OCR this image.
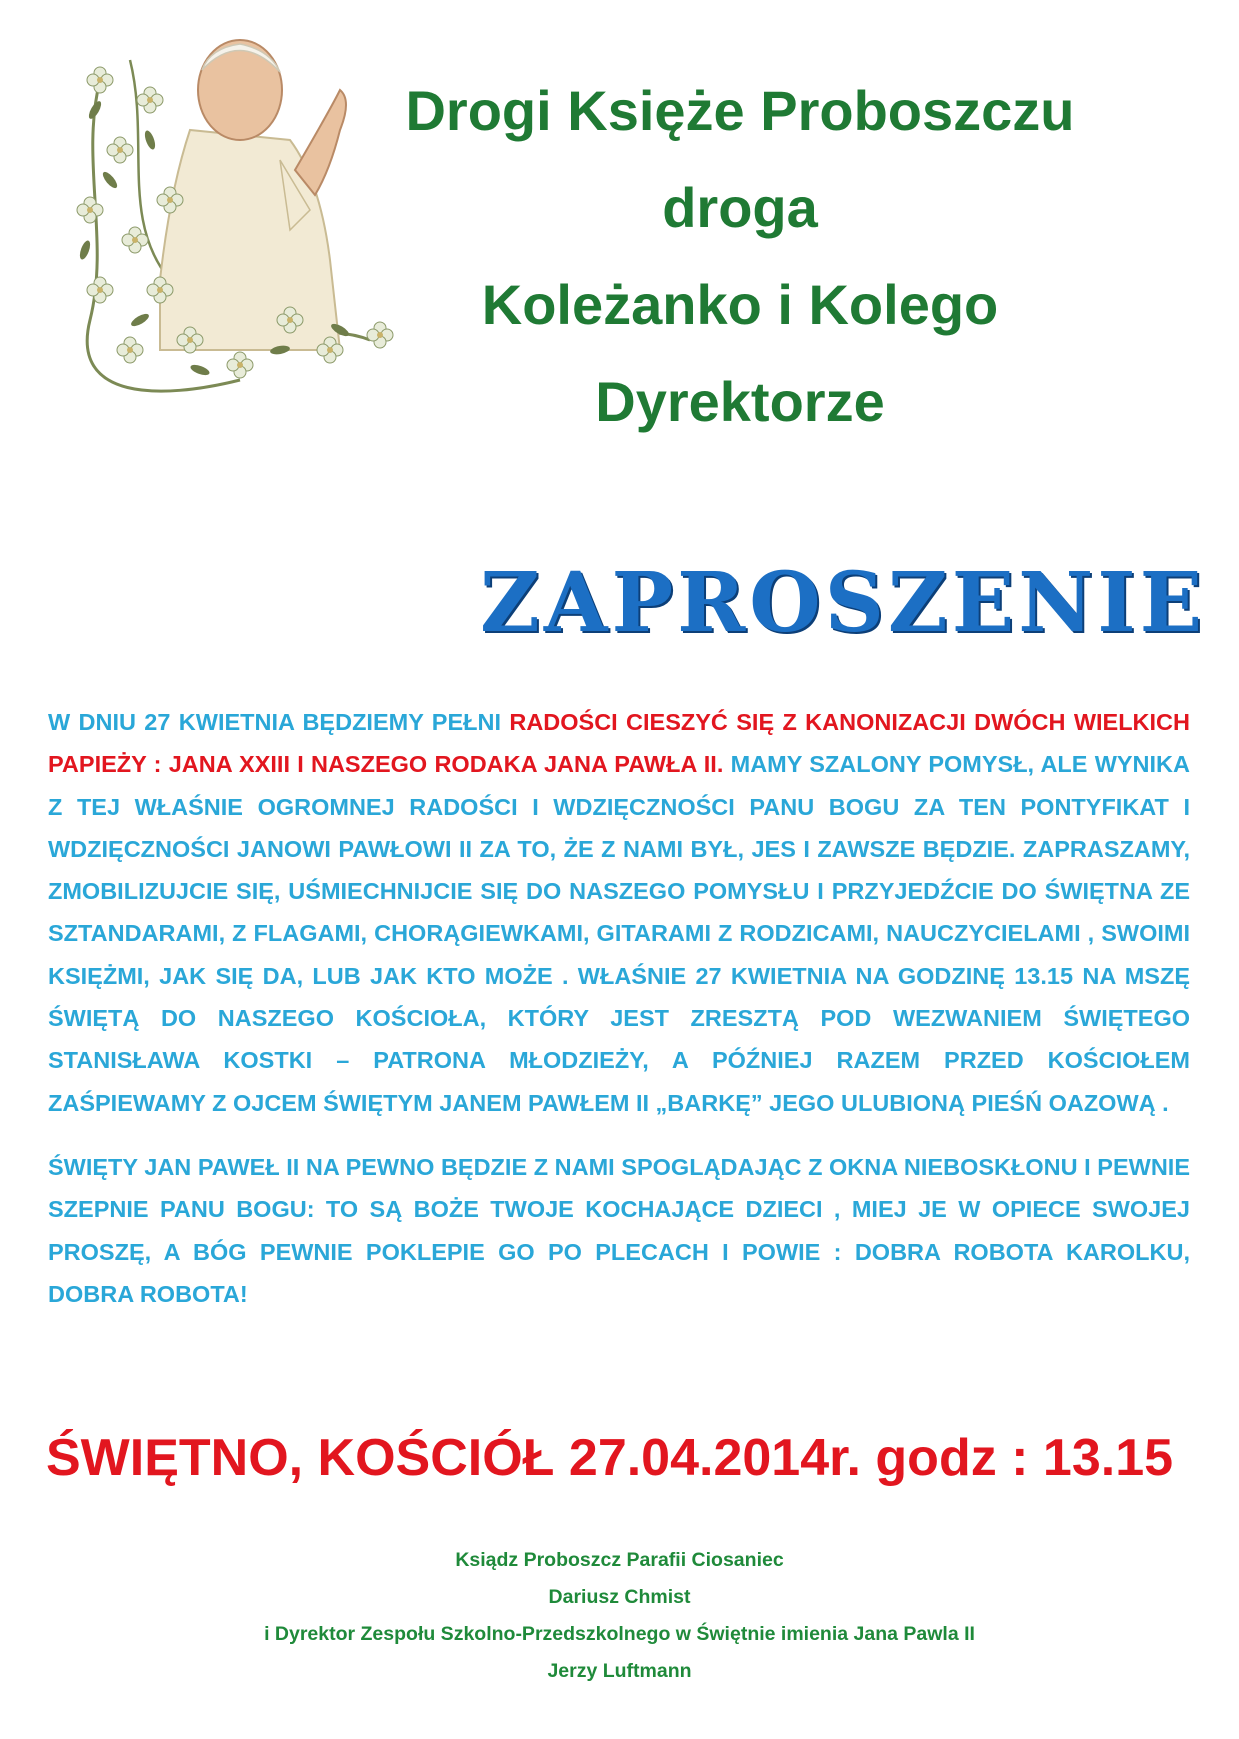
Drogi Księże Proboszczu
droga
Koleżanko i Kolego
Dyrektorze
ZAPROSZENIE

W DNIU 27 KWIETNIA BĘDZIEMY PEŁNI RADOŚCI CIESZYĆ SIĘ Z KANONIZACJI DWÓCH WIELKICH PAPIEŻY : JANA XXIII I NASZEGO RODAKA JANA PAWŁA II. MAMY SZALONY POMYSŁ, ALE WYNIKA Z TEJ WŁAŚNIE OGROMNEJ RADOŚCI I WDZIĘCZNOŚCI PANU BOGU ZA TEN PONTYFIKAT I WDZIĘCZNOŚCI JANOWI PAWŁOWI II ZA TO, ŻE Z NAMI BYŁ, JES I ZAWSZE BĘDZIE. ZAPRASZAMY, ZMOBILIZUJCIE SIĘ, UŚMIECHNIJCIE SIĘ DO NASZEGO POMYSŁU I PRZYJEDŹCIE DO ŚWIĘTNA ZE SZTANDARAMI, Z FLAGAMI, CHORĄGIEWKAMI, GITARAMI Z RODZICAMI, NAUCZYCIELAMI , SWOIMI KSIĘŻMI, JAK SIĘ DA, LUB JAK KTO MOŻE . WŁAŚNIE 27 KWIETNIA NA GODZINĘ 13.15 NA MSZĘ ŚWIĘTĄ DO NASZEGO KOŚCIOŁA, KTÓRY JEST ZRESZTĄ POD WEZWANIEM ŚWIĘTEGO STANISŁAWA KOSTKI – PATRONA MŁODZIEŻY, A PÓŹNIEJ RAZEM PRZED KOŚCIOŁEM ZAŚPIEWAMY Z OJCEM ŚWIĘTYM JANEM PAWŁEM II „BARKĘ” JEGO ULUBIONĄ PIEŚŃ OAZOWĄ .

ŚWIĘTY JAN PAWEŁ II NA PEWNO BĘDZIE Z NAMI SPOGLĄDAJĄC Z OKNA NIEBOSKŁONU I PEWNIE SZEPNIE PANU BOGU: TO SĄ BOŻE TWOJE KOCHAJĄCE DZIECI , MIEJ JE W OPIECE SWOJEJ PROSZĘ, A BÓG PEWNIE POKLEPIE GO PO PLECACH I POWIE : DOBRA ROBOTA KAROLKU, DOBRA ROBOTA!

ŚWIĘTNO, KOŚCIÓŁ 27.04.2014r. godz : 13.15
Ksiądz Proboszcz Parafii Ciosaniec
Dariusz Chmist
i Dyrektor Zespołu Szkolno-Przedszkolnego w Świętnie imienia Jana Pawla II
Jerzy Luftmann
